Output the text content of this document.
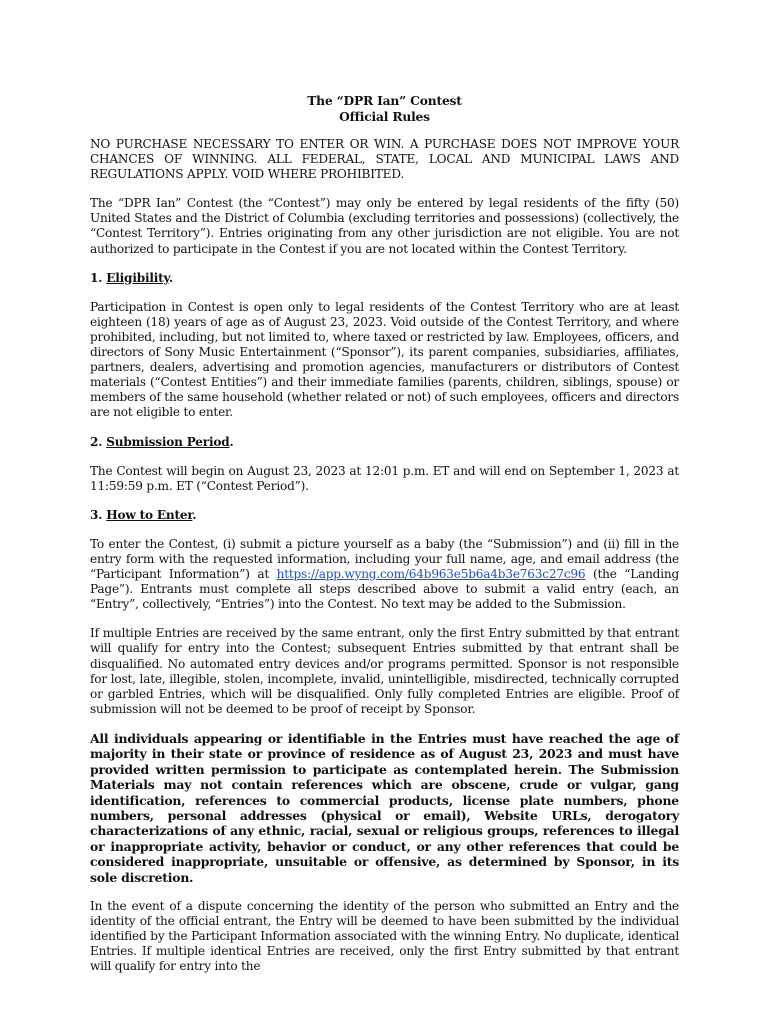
The “DPR Ian” Contest
Official Rules

NO PURCHASE NECESSARY TO ENTER OR WIN. A PURCHASE DOES NOT IMPROVE YOUR CHANCES OF WINNING. ALL FEDERAL, STATE, LOCAL AND MUNICIPAL LAWS AND REGULATIONS APPLY. VOID WHERE PROHIBITED.

The “DPR Ian” Contest (the “Contest”) may only be entered by legal residents of the fifty (50) United States and the District of Columbia (excluding territories and possessions) (collectively, the “Contest Territory”). Entries originating from any other jurisdiction are not eligible. You are not authorized to participate in the Contest if you are not located within the Contest Territory.

1. Eligibility.

Participation in Contest is open only to legal residents of the Contest Territory who are at least eighteen (18) years of age as of August 23, 2023. Void outside of the Contest Territory, and where prohibited, including, but not limited to, where taxed or restricted by law. Employees, officers, and directors of Sony Music Entertainment (“Sponsor”), its parent companies, subsidiaries, affiliates, partners, dealers, advertising and promotion agencies, manufacturers or distributors of Contest materials (“Contest Entities”) and their immediate families (parents, children, siblings, spouse) or members of the same household (whether related or not) of such employees, officers and directors are not eligible to enter.

2. Submission Period.

The Contest will begin on August 23, 2023 at 12:01 p.m. ET and will end on September 1, 2023 at 11:59:59 p.m. ET (“Contest Period”).

3. How to Enter.

To enter the Contest, (i) submit a picture yourself as a baby (the “Submission”) and (ii) fill in the entry form with the requested information, including your full name, age, and email address (the “Participant Information”) at https://app.wyng.com/64b963e5b6a4b3e763c27c96 (the “Landing Page”). Entrants must complete all steps described above to submit a valid entry (each, an “Entry”, collectively, “Entries”) into the Contest. No text may be added to the Submission.

If multiple Entries are received by the same entrant, only the first Entry submitted by that entrant will qualify for entry into the Contest; subsequent Entries submitted by that entrant shall be disqualified. No automated entry devices and/or programs permitted. Sponsor is not responsible for lost, late, illegible, stolen, incomplete, invalid, unintelligible, misdirected, technically corrupted or garbled Entries, which will be disqualified. Only fully completed Entries are eligible. Proof of submission will not be deemed to be proof of receipt by Sponsor.

All individuals appearing or identifiable in the Entries must have reached the age of majority in their state or province of residence as of August 23, 2023 and must have provided written permission to participate as contemplated herein. The Submission Materials may not contain references which are obscene, crude or vulgar, gang identification, references to commercial products, license plate numbers, phone numbers, personal addresses (physical or email), Website URLs, derogatory characterizations of any ethnic, racial, sexual or religious groups, references to illegal or inappropriate activity, behavior or conduct, or any other references that could be considered inappropriate, unsuitable or offensive, as determined by Sponsor, in its sole discretion.

In the event of a dispute concerning the identity of the person who submitted an Entry and the identity of the official entrant, the Entry will be deemed to have been submitted by the individual identified by the Participant Information associated with the winning Entry. No duplicate, identical Entries. If multiple identical Entries are received, only the first Entry submitted by that entrant will qualify for entry into the
